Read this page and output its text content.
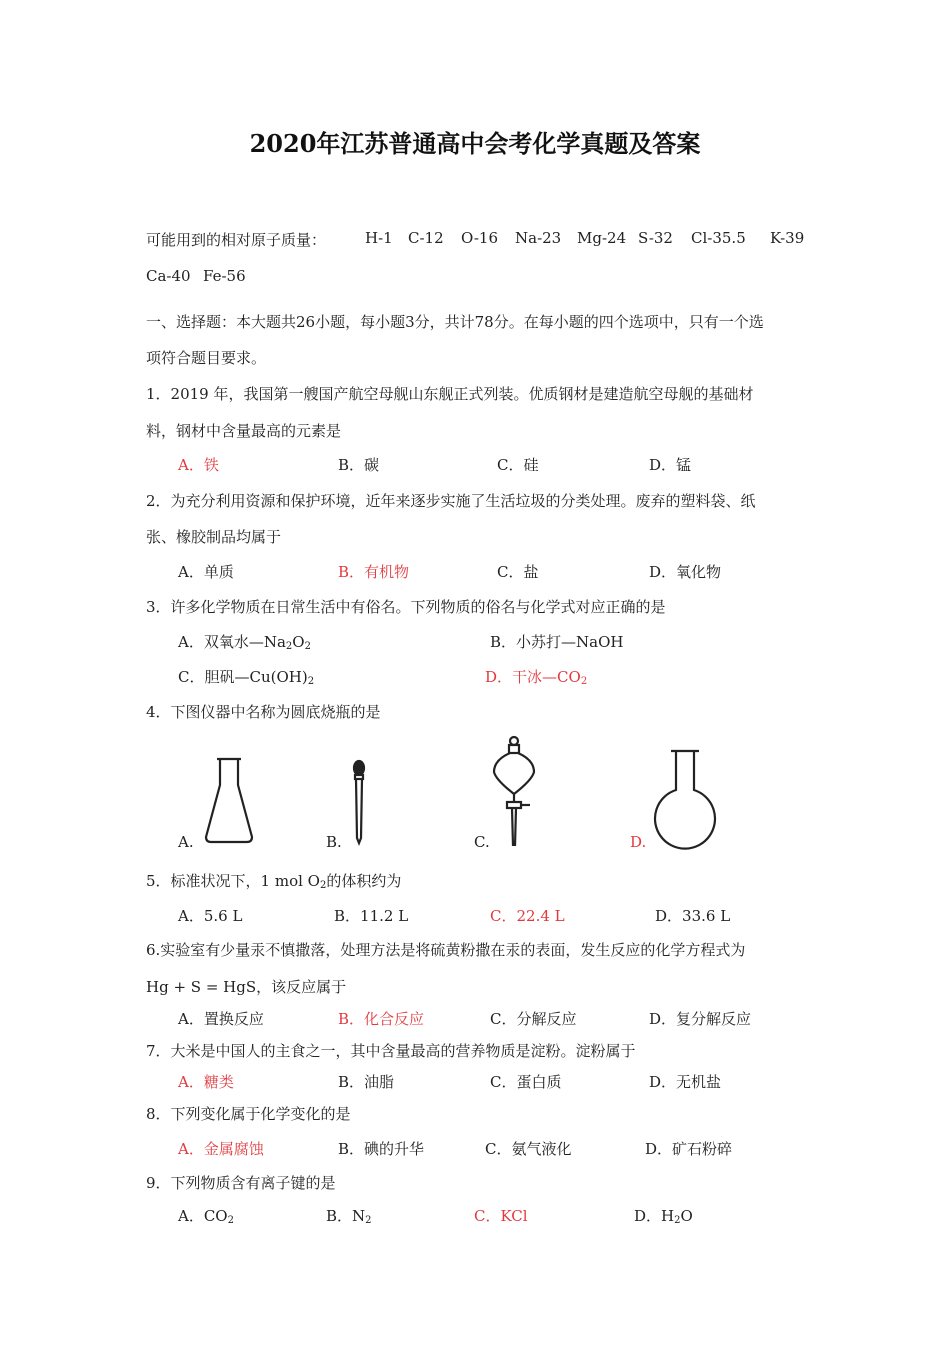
2020年江苏普通高中会考化学真题及答案
可能用到的相对原子质量：	H-1 C-12 O-16 Na-23 Mg-24 S-32 Cl-35.5 K-39
Ca-40 Fe-56
一、选择题：本大题共26小题，每小题3分，共计78分。在每小题的四个选项中，只有一个选
项符合题目要求。
1．2019 年，我国第一艘国产航空母舰山东舰正式列装。优质钢材是建造航空母舰的基础材
料，钢材中含量最高的元素是
A．铁	B．碳	C．硅	D．锰
2．为充分利用资源和保护环境，近年来逐步实施了生活垃圾的分类处理。废弃的塑料袋、纸
张、橡胶制品均属于
A．单质	B．有机物	C．盐	D．氧化物
3．许多化学物质在日常生活中有俗名。下列物质的俗名与化学式对应正确的是
A．双氧水$—Na_2O_2$	B．小苏打—NaOH
C．胆矾$—Cu(OH)_2$	D．干冰$—CO_2$
4．下图仪器中名称为圆底烧瓶的是
A.	B.	C.	D.
5．标准状况下，1 mol $O_2$的体积约为
A．5.6 L	B．11.2 L	C．22.4 L	D．33.6 L
6.实验室有少量汞不慎撒落，处理方法是将硫黄粉撒在汞的表面，发生反应的化学方程式为
Hg + S = HgS，该反应属于
A．置换反应	B．化合反应	C．分解反应	D．复分解反应
7．大米是中国人的主食之一，其中含量最高的营养物质是淀粉。淀粉属于
A．糖类	B．油脂	C．蛋白质	D．无机盐
8．下列变化属于化学变化的是
A．金属腐蚀	B．碘的升华	C．氨气液化	D．矿石粉碎
9．下列物质含有离子键的是
A．$CO_2$	B．$N_2$	C．KCl	D．$H_2O$
